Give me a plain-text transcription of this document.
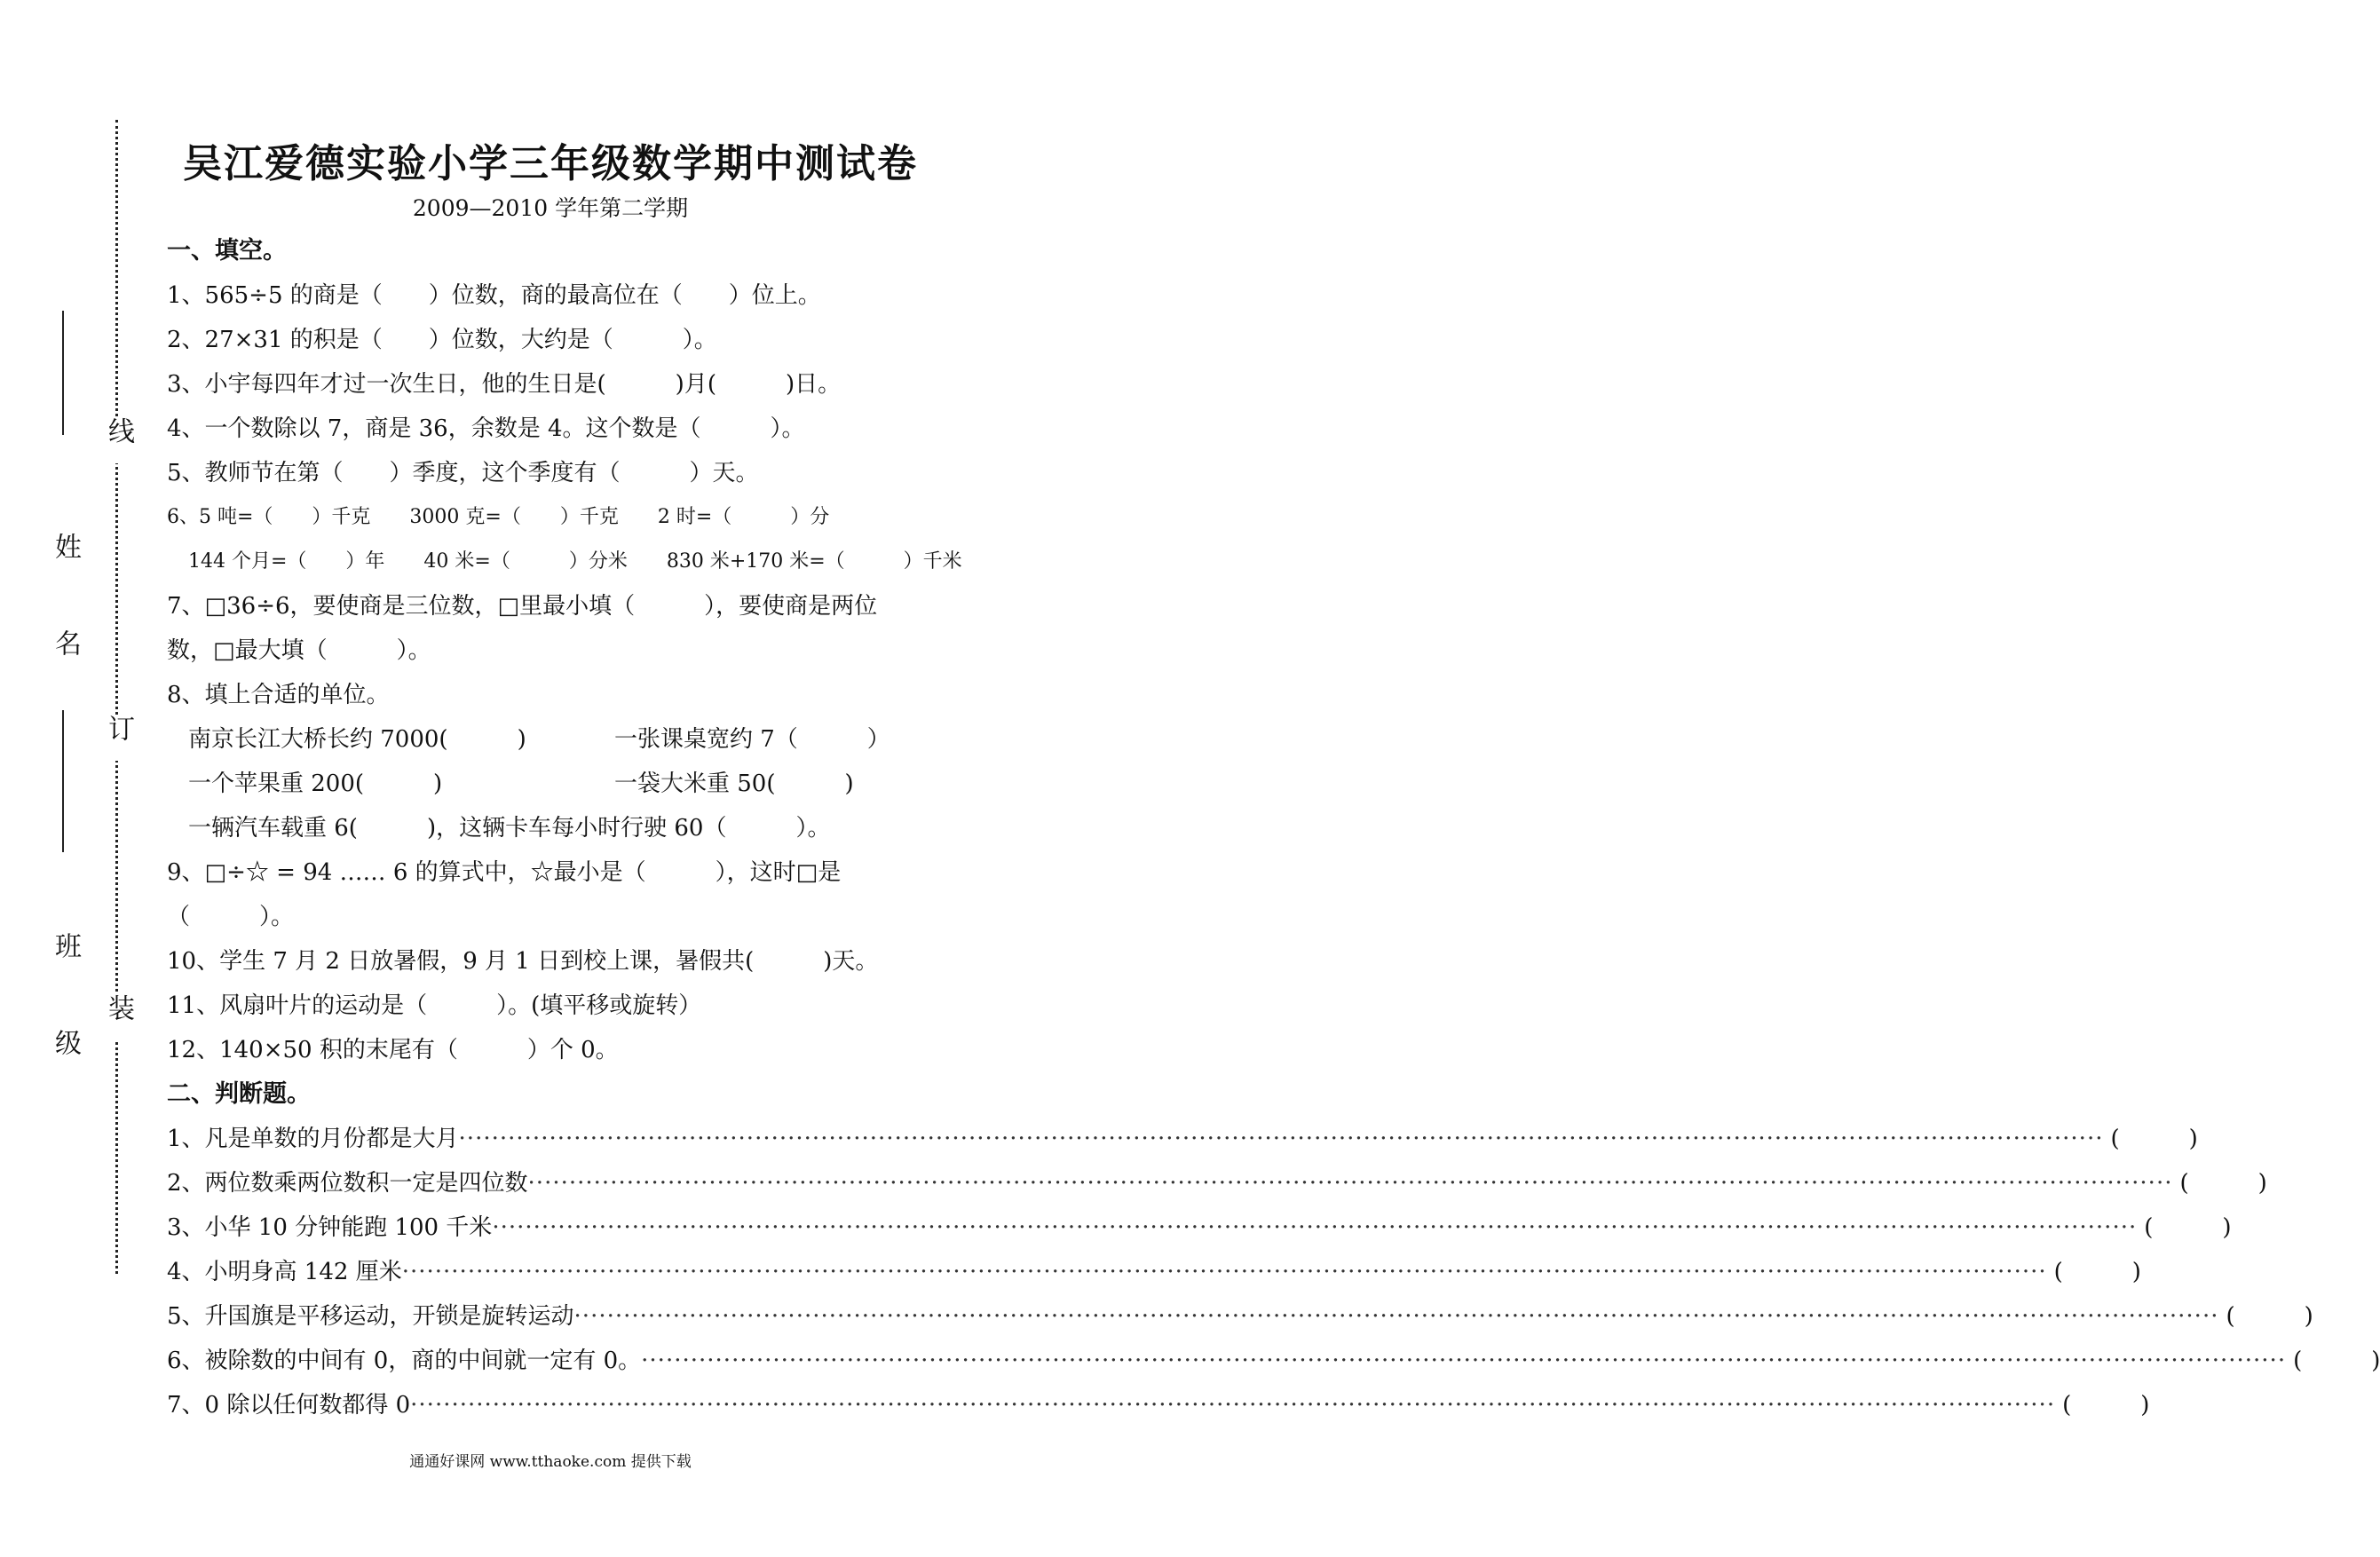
姓 名
班 级
线
订
装
吴江爱德实验小学三年级数学期中测试卷
2009—2010 学年第二学期
一、填空。
1、565÷5 的商是（　　）位数，商的最高位在（　　）位上。
2、27×31 的积是（　　）位数，大约是（　　　）。
3、小宇每四年才过一次生日，他的生日是(　　　)月(　　　)日。
4、一个数除以 7，商是 36，余数是 4。这个数是（　　　）。
5、教师节在第（　　）季度，这个季度有（　　　）天。
6、5 吨=（　　）千克　　3000 克=（　　）千克　　2 时=（　　　）分
144 个月=（　　）年　　40 米=（　　　）分米　　830 米+170 米=（　　　）千米
7、□36÷6，要使商是三位数，□里最小填（　　　），要使商是两位
数，□最大填（　　　）。
8、填上合适的单位。
南京长江大桥长约 7000(　　　)	一张课桌宽约 7（　　　）
一个苹果重 200(　　　)	一袋大米重 50(　　　)
一辆汽车载重 6(　　　)，这辆卡车每小时行驶 60（　　　）。
9、□÷☆ = 94 …… 6 的算式中，☆最小是（　　　），这时□是
（　　　）。
10、学生 7 月 2 日放暑假，9 月 1 日到校上课，暑假共(　　　)天。
11、风扇叶片的运动是（　　　）。(填平移或旋转）
12、140×50 积的末尾有（　　　）个 0。
二、判断题。
1、凡是单数的月份都是大月 ········································································································································································································ (　　　)
2、两位数乘两位数积一定是四位数 ········································································································································································································ (　　　)
3、小华 10 分钟能跑 100 千米 ········································································································································································································ (　　　)
4、小明身高 142 厘米 ········································································································································································································ (　　　)
5、升国旗是平移运动，开锁是旋转运动 ········································································································································································································ (　　　)
6、被除数的中间有 0，商的中间就一定有 0。 ········································································································································································································ (　　　)
7、0 除以任何数都得 0 ········································································································································································································ (　　　)
通通好课网 www.tthaoke.com 提供下载
